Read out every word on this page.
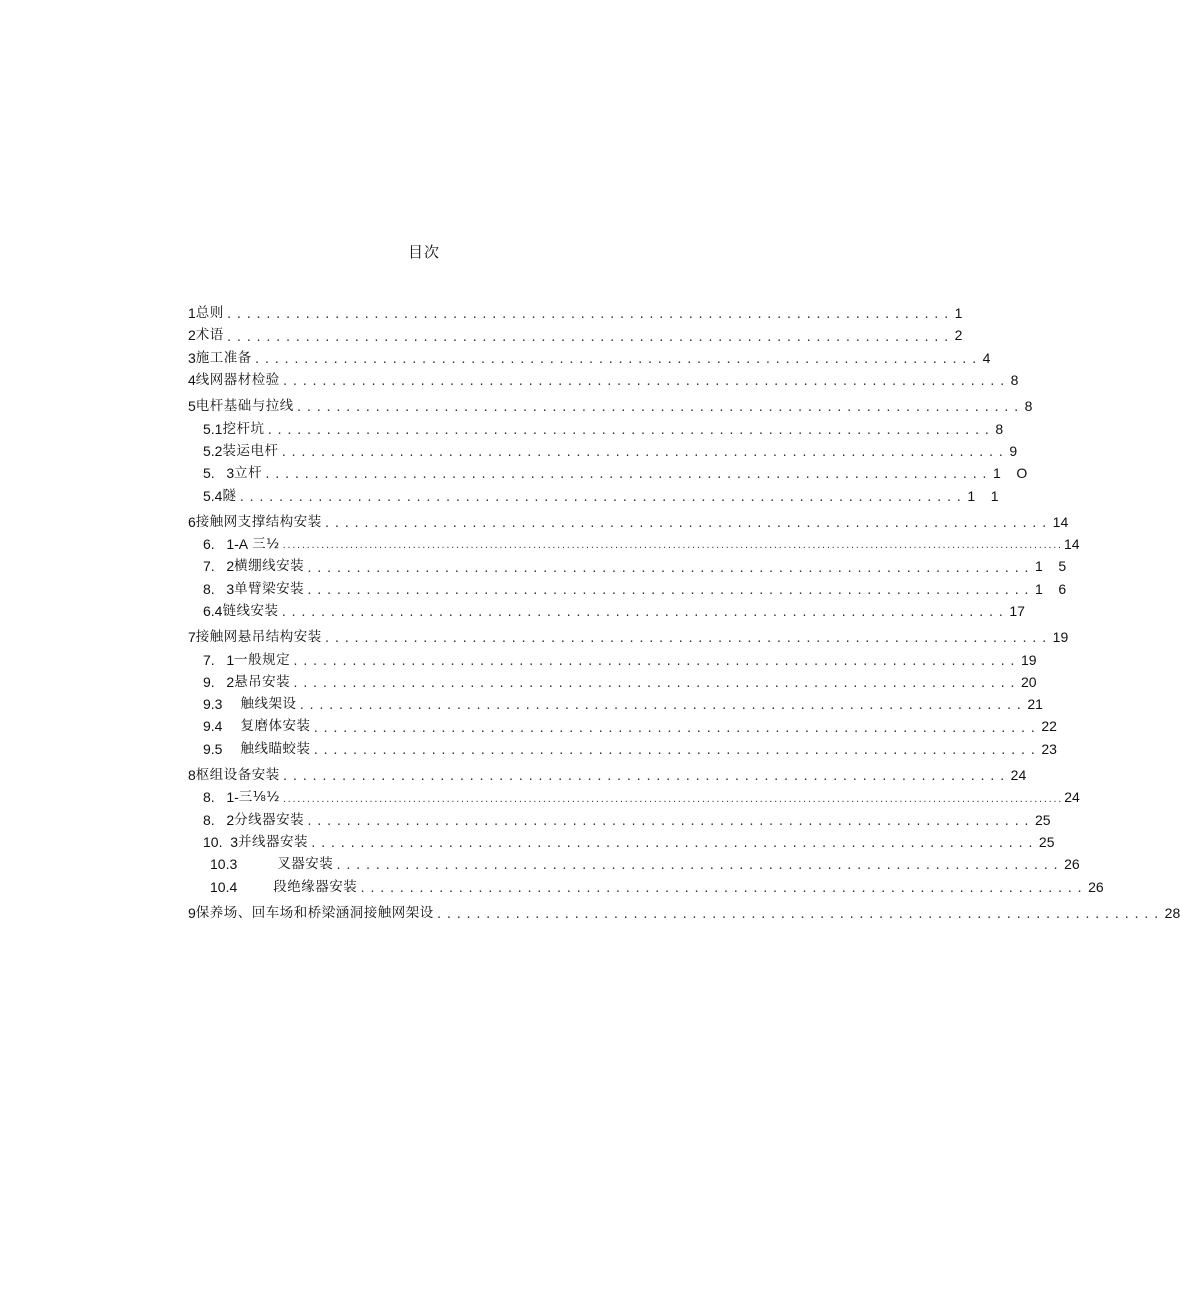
目次
1 总则 .......................................................................... 1
2 术语 .......................................................................... 2
3 施工准备 .......................................................................... 4
4 线网器材检验 .......................................................................... 8
5 电杆基础与拉线 .......................................................................... 8
5.1 挖杆坑 .......................................................................... 8
5.2 装运电杆 .......................................................................... 9
5.   3 立杆 .......................................................................... 1    O
5.4 隧 .......................................................................... 1    1
6 接触网支撑结构安装 .......................................................................... 14
6.   1-A 三½ .................................................................................................................................................................. 14
7.   2 横绷线安装 .......................................................................... 1    5
8.   3 单臂梁安装 .......................................................................... 1    6
6.4 链线安装 .......................................................................... 17
7 接触网悬吊结构安装 .......................................................................... 19
7.   1 一般规定 .......................................................................... 19
9.   2 悬吊安装 .......................................................................... 20
9.3 触线架设 .......................................................................... 21
9.4 复磨体安装 .......................................................................... 22
9.5 触线瞄蛟装 .......................................................................... 23
8 枢组设备安装 .......................................................................... 24
8.   1- 三⅛½ .................................................................................................................................................................. 24
8.   2 分线器安装 .......................................................................... 25
10.  3 并线器安装 .......................................................................... 25
10.3	叉器安装 .......................................................................... 26
10.4	段绝缘器安装 .......................................................................... 26
9 保养场、回车场和桥梁涵洞接触网架设 .......................................................................... 28
